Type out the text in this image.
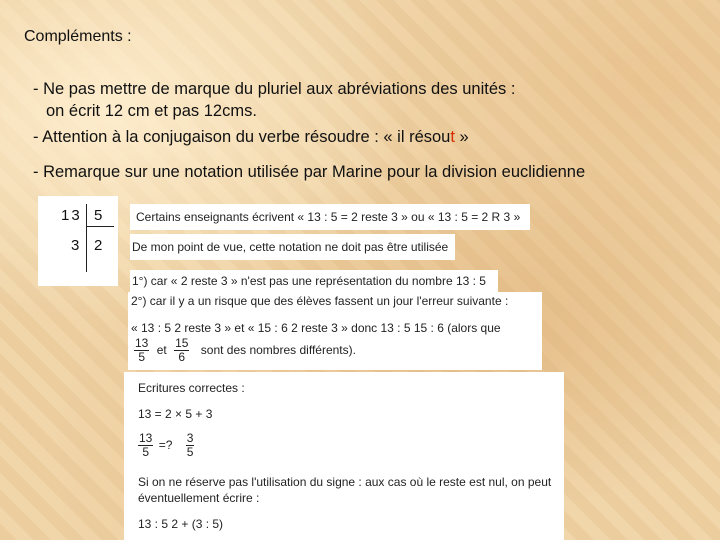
Compléments :
- Ne pas mettre de marque du pluriel aux abréviations des unités :
on écrit 12 cm et pas 12cms.
- Attention à la conjugaison du verbe résoudre : « il résout »
- Remarque sur une notation utilisée par Marine pour la division euclidienne
13 5
3 2
Certains enseignants écrivent « 13 : 5 = 2 reste 3 » ou « 13 : 5 = 2 R 3 »
De mon point de vue, cette notation ne doit pas être utilisée
1°) car « 2 reste 3 » n'est pas une représentation du nombre 13 : 5
2°) car il y a un risque que des élèves fassent un jour l'erreur suivante :
« 13 : 5 2 reste 3 » et « 15 : 6 2 reste 3 » donc 13 : 5 15 : 6 (alors que
$\frac{13}{5}$ et $\frac{15}{6}$ sont des nombres différents).
Ecritures correctes :
13 = 2 × 5 + 3
$\frac{13}{5}$ =? $\frac{3}{5}$
Si on ne réserve pas l'utilisation du signe : aux cas où le reste est nul, on peut
éventuellement écrire :
13 : 5 2 + (3 : 5)
